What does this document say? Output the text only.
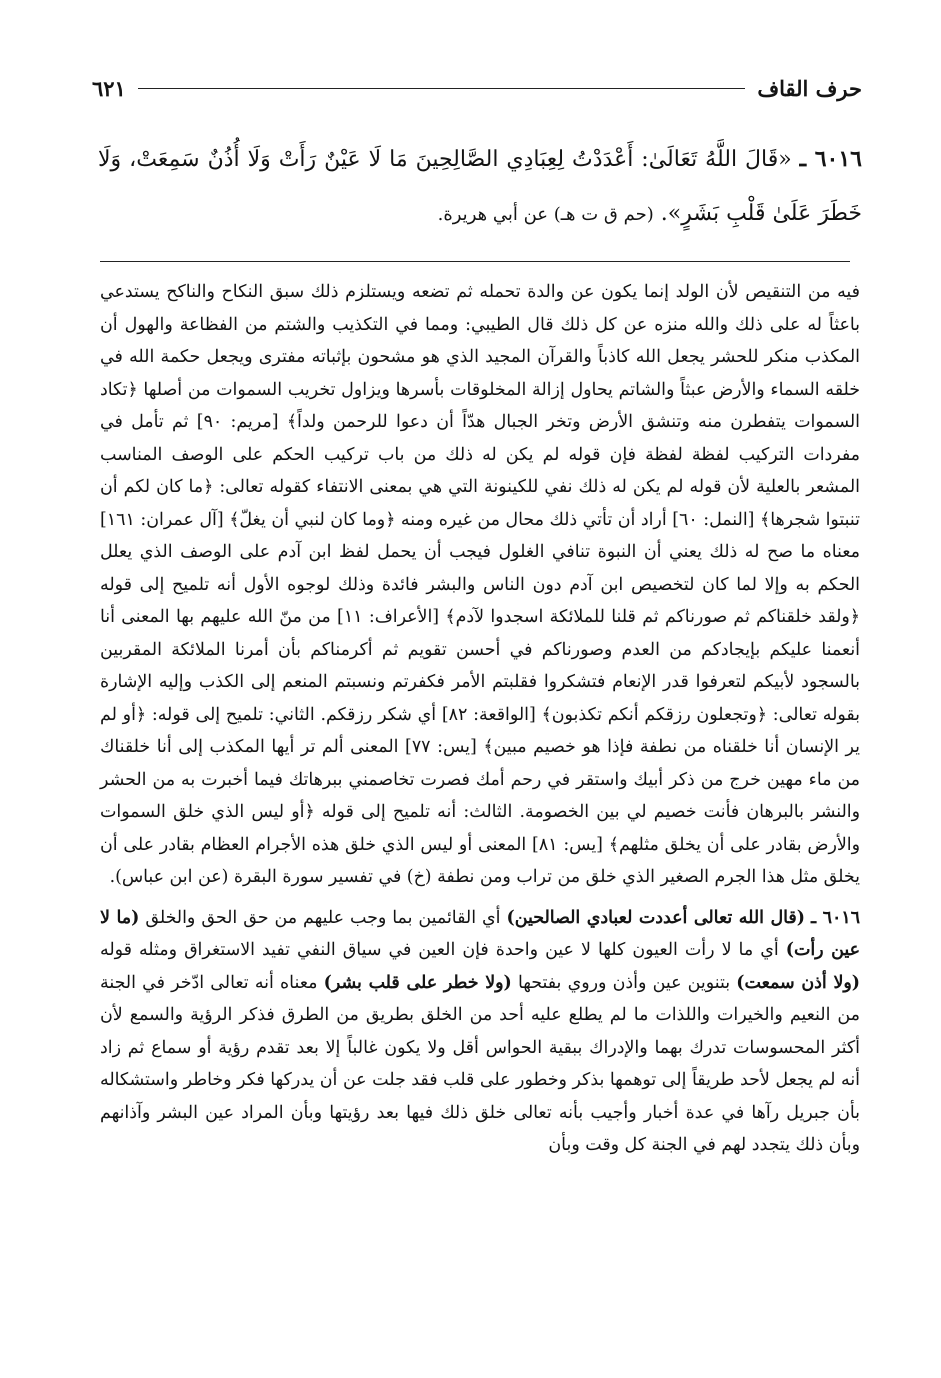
حرف القاف
٦٢١
٦٠١٦ ـ «قَالَ اللَّهُ تَعَالَىٰ: أَعْدَدْتُ لِعِبَادِي الصَّالِحِينَ مَا لَا عَيْنٌ رَأَتْ وَلَا أُذُنٌ سَمِعَتْ، وَلَا خَطَرَ عَلَىٰ قَلْبِ بَشَرٍ». (حم ق ت هـ) عن أبي هريرة.

فيه من التنقيص لأن الولد إنما يكون عن والدة تحمله ثم تضعه ويستلزم ذلك سبق النكاح والناكح يستدعي باعثاً له على ذلك والله منزه عن كل ذلك قال الطيبي: ومما في التكذيب والشتم من الفظاعة والهول أن المكذب منكر للحشر يجعل الله كاذباً والقرآن المجيد الذي هو مشحون بإثباته مفترى ويجعل حكمة الله في خلقه السماء والأرض عبثاً والشاتم يحاول إزالة المخلوقات بأسرها ويزاول تخريب السموات من أصلها ﴿تكاد السموات يتفطرن منه وتنشق الأرض وتخر الجبال هدّاً أن دعوا للرحمن ولداً﴾ [مريم: ٩٠] ثم تأمل في مفردات التركيب لفظة لفظة فإن قوله لم يكن له ذلك من باب تركيب الحكم على الوصف المناسب المشعر بالعلية لأن قوله لم يكن له ذلك نفي للكينونة التي هي بمعنى الانتفاء كقوله تعالى: ﴿ما كان لكم أن تنبتوا شجرها﴾ [النمل: ٦٠] أراد أن تأتي ذلك محال من غيره ومنه ﴿وما كان لنبي أن يغلّ﴾ [آل عمران: ١٦١] معناه ما صح له ذلك يعني أن النبوة تنافي الغلول فيجب أن يحمل لفظ ابن آدم على الوصف الذي يعلل الحكم به وإلا لما كان لتخصيص ابن آدم دون الناس والبشر فائدة وذلك لوجوه الأول أنه تلميح إلى قوله ﴿ولقد خلقناكم ثم صورناكم ثم قلنا للملائكة اسجدوا لآدم﴾ [الأعراف: ١١] من منّ الله عليهم بها المعنى أنا أنعمنا عليكم بإيجادكم من العدم وصورناكم في أحسن تقويم ثم أكرمناكم بأن أمرنا الملائكة المقربين بالسجود لأبيكم لتعرفوا قدر الإنعام فتشكروا فقلبتم الأمر فكفرتم ونسبتم المنعم إلى الكذب وإليه الإشارة بقوله تعالى: ﴿وتجعلون رزقكم أنكم تكذبون﴾ [الواقعة: ٨٢] أي شكر رزقكم. الثاني: تلميح إلى قوله: ﴿أو لم ير الإنسان أنا خلقناه من نطفة فإذا هو خصيم مبين﴾ [يس: ٧٧] المعنى ألم تر أيها المكذب إلى أنا خلقناك من ماء مهين خرج من ذكر أبيك واستقر في رحم أمك فصرت تخاصمني ببرهاتك فيما أخبرت به من الحشر والنشر بالبرهان فأنت خصيم لي بين الخصومة. الثالث: أنه تلميح إلى قوله ﴿أو ليس الذي خلق السموات والأرض بقادر على أن يخلق مثلهم﴾ [يس: ٨١] المعنى أو ليس الذي خلق هذه الأجرام العظام بقادر على أن يخلق مثل هذا الجرم الصغير الذي خلق من تراب ومن نطفة (خ) في تفسير سورة البقرة (عن ابن عباس).

٦٠١٦ ـ (قال الله تعالى أعددت لعبادي الصالحين) أي القائمين بما وجب عليهم من حق الحق والخلق (ما لا عين رأت) أي ما لا رأت العيون كلها لا عين واحدة فإن العين في سياق النفي تفيد الاستغراق ومثله قوله (ولا أذن سمعت) بتنوين عين وأذن وروي بفتحها (ولا خطر على قلب بشر) معناه أنه تعالى ادّخر في الجنة من النعيم والخيرات واللذات ما لم يطلع عليه أحد من الخلق بطريق من الطرق فذكر الرؤية والسمع لأن أكثر المحسوسات تدرك بهما والإدراك ببقية الحواس أقل ولا يكون غالباً إلا بعد تقدم رؤية أو سماع ثم زاد أنه لم يجعل لأحد طريقاً إلى توهمها بذكر وخطور على قلب فقد جلت عن أن يدركها فكر وخاطر واستشكاله بأن جبريل رآها في عدة أخبار وأجيب بأنه تعالى خلق ذلك فيها بعد رؤيتها وبأن المراد عين البشر وآذانهم وبأن ذلك يتجدد لهم في الجنة كل وقت وبأن
